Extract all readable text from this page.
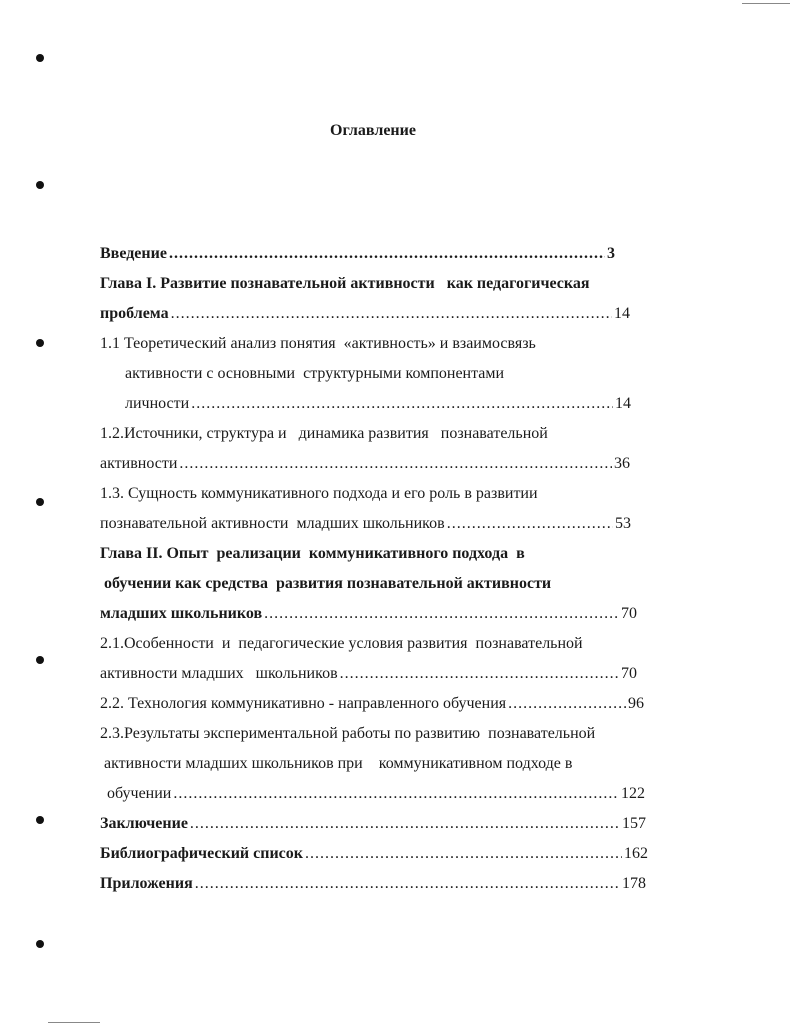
Оглавление
Введение .....	3
Глава I. Развитие познавательной активности   как педагогическая
проблема .....	14
1.1 Теоретический анализ понятия  «активность» и взаимосвязь
активности с основными  структурными компонентами
личности .....	14
1.2.Источники, структура и   динамика развития   познавательной
активности .....	36
1.3. Сущность коммуникативного подхода и его роль в развитии
познавательной активности  младших школьников .....	53
Глава II. Опыт  реализации  коммуникативного подхода  в
обучении как средства  развития познавательной активности
младших школьников .....	70
2.1.Особенности  и  педагогические условия развития  познавательной
активности младших   школьников .....	70
2.2. Технология коммуникативно - направленного обучения .....	96
2.3.Результаты экспериментальной работы по развитию  познавательной
активности младших школьников при    коммуникативном подходе в
обучении .....	122
Заключение .....	157
Библиографический список .....	162
Приложения .....	178
